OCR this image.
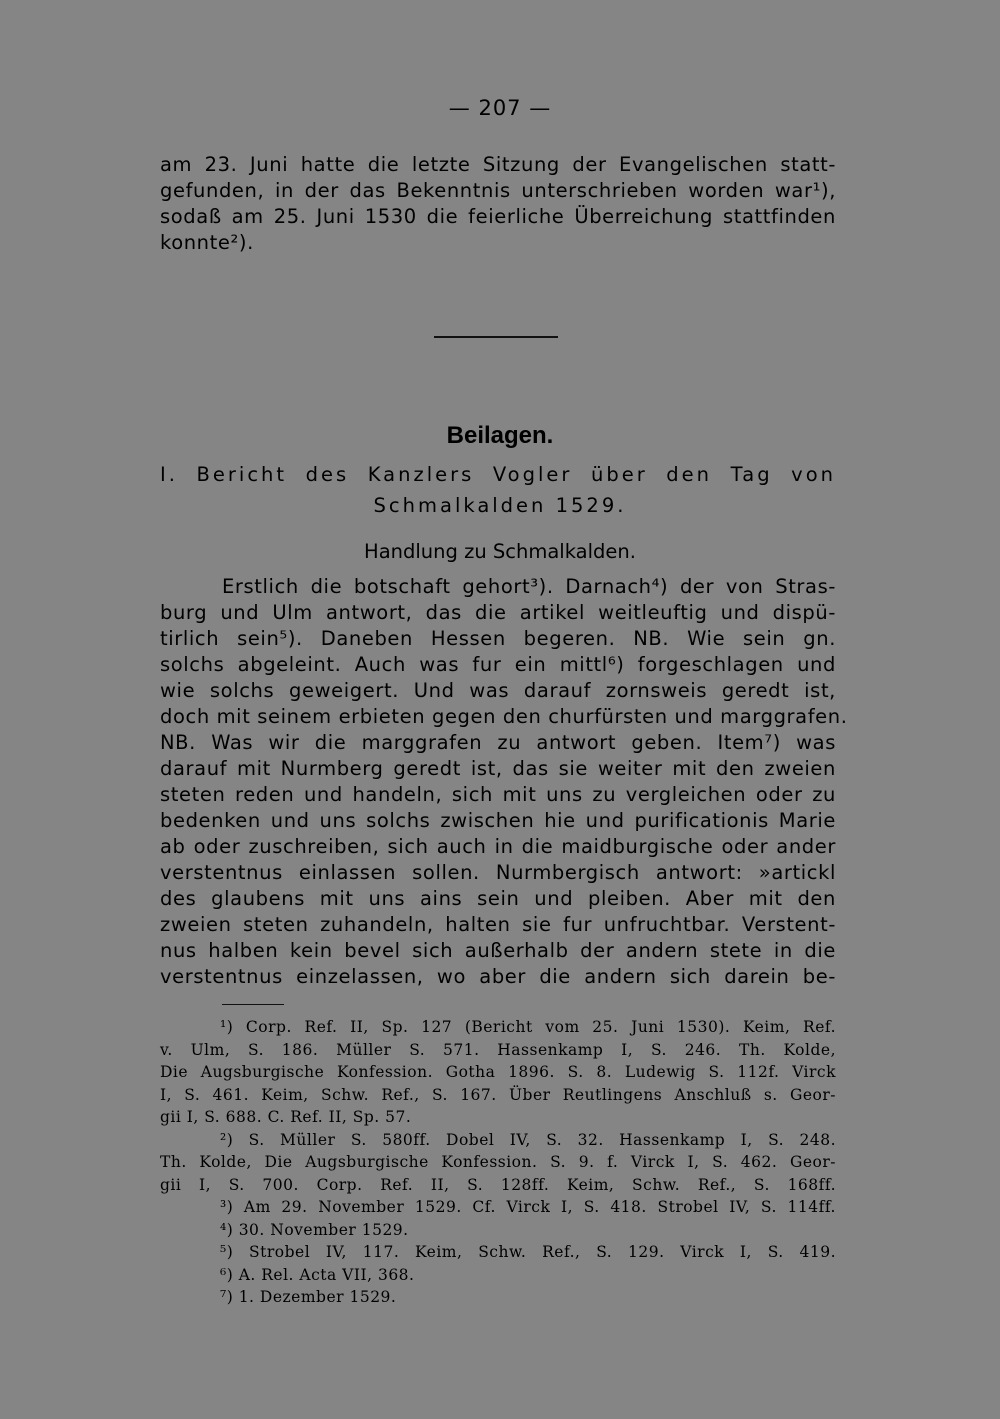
— 207 —
am 23. Juni hatte die letzte Sitzung der Evangelischen statt-
gefunden, in der das Bekenntnis unterschrieben worden war¹),
sodaß am 25. Juni 1530 die feierliche Überreichung stattfinden
konnte²).
Beilagen.
I. Bericht des Kanzlers Vogler über den Tag von
Schmalkalden 1529.
Handlung zu Schmalkalden.
Erstlich die botschaft gehort³). Darnach⁴) der von Stras-
burg und Ulm antwort, das die artikel weitleuftig und dispü-
tirlich sein⁵). Daneben Hessen begeren. NB. Wie sein gn.
solchs abgeleint. Auch was fur ein mittl⁶) forgeschlagen und
wie solchs geweigert. Und was darauf zornsweis geredt ist,
doch mit seinem erbieten gegen den churfürsten und marggrafen.
NB. Was wir die marggrafen zu antwort geben. Item⁷) was
darauf mit Nurmberg geredt ist, das sie weiter mit den zweien
steten reden und handeln, sich mit uns zu vergleichen oder zu
bedenken und uns solchs zwischen hie und purificationis Marie
ab oder zuschreiben, sich auch in die maidburgische oder ander
verstentnus einlassen sollen. Nurmbergisch antwort: »artickl
des glaubens mit uns ains sein und pleiben. Aber mit den
zweien steten zuhandeln, halten sie fur unfruchtbar. Verstent-
nus halben kein bevel sich außerhalb der andern stete in die
verstentnus einzelassen, wo aber die andern sich darein be-
¹) Corp. Ref. II, Sp. 127 (Bericht vom 25. Juni 1530). Keim, Ref.
v. Ulm, S. 186. Müller S. 571. Hassenkamp I, S. 246. Th. Kolde,
Die Augsburgische Konfession. Gotha 1896. S. 8. Ludewig S. 112f. Virck
I, S. 461. Keim, Schw. Ref., S. 167. Über Reutlingens Anschluß s. Geor-
gii I, S. 688. C. Ref. II, Sp. 57.
²) S. Müller S. 580ff. Dobel IV, S. 32. Hassenkamp I, S. 248.
Th. Kolde, Die Augsburgische Konfession. S. 9. f. Virck I, S. 462. Geor-
gii I, S. 700. Corp. Ref. II, S. 128ff. Keim, Schw. Ref., S. 168ff.
³) Am 29. November 1529. Cf. Virck I, S. 418. Strobel IV, S. 114ff.
⁴) 30. November 1529.
⁵) Strobel IV, 117. Keim, Schw. Ref., S. 129. Virck I, S. 419.
⁶) A. Rel. Acta VII, 368.
⁷) 1. Dezember 1529.
